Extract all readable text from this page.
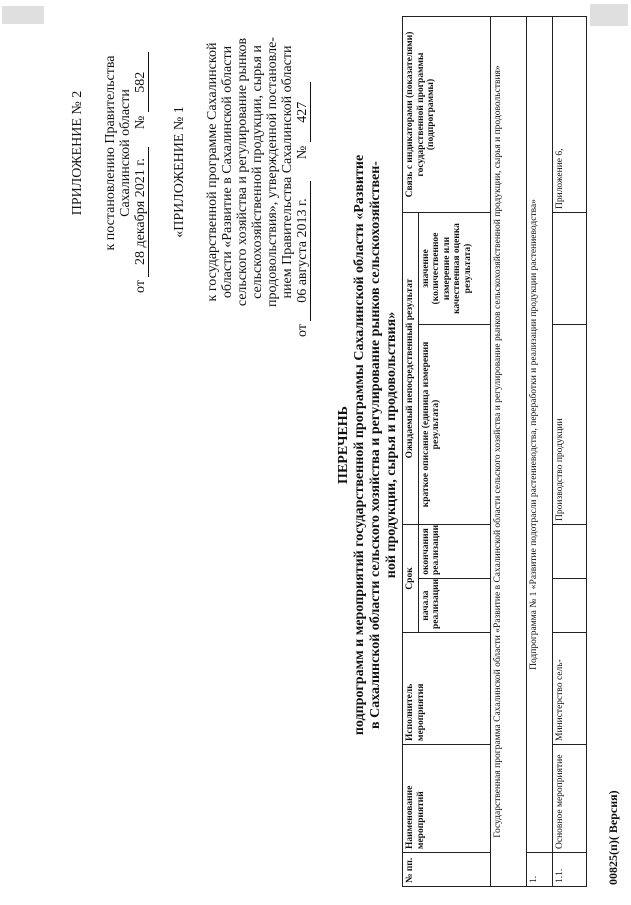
ПРИЛОЖЕНИЕ № 2 к постановлению Правительства Сахалинской области
от 28 декабря 2021 г. № 582
«ПРИЛОЖЕНИЕ № 1 к государственной программе Сахалинской области «Развитие в Сахалинской области сельского хозяйства и регулирование рынков сельскохозяйственной продукции, сырья и продовольствия», утвержденной постановле- нием Правительства Сахалинской области
от 06 августа 2013 г. № 427
ПЕРЕЧЕНЬ подпрограмм и мероприятий государственной программы Сахалинской области «Развитие в Сахалинской области сельского хозяйства и регулирование рынков сельскохозяйствен- ной продукции, сырья и продовольствия»
№ пп.	Наименование мероприятий	Исполнитель мероприятия	Срок		Ожидаемый непосредственный результат		Связь с индикаторами (показателями) государственной программы (подпрограммы)
			начала реализации	окончания реализации	краткое описание (единица измерения результата)	значение (количественное измерение или качественная оценка результата)	
Государственная программа Сахалинской области «Развитие в Сахалинской области сельского хозяйства и регулирование рынков сельскохозяйственной продукции, сырья и продовольствия»							
1.	Подпрограмма № 1 «Развитие подотрасли растениеводства, переработки и реализации продукции растениеводства»						
1.1.	Основное мероприятие	Министерство сель-			Производство продукции		Приложение 6,
00825(п)( Версия)
